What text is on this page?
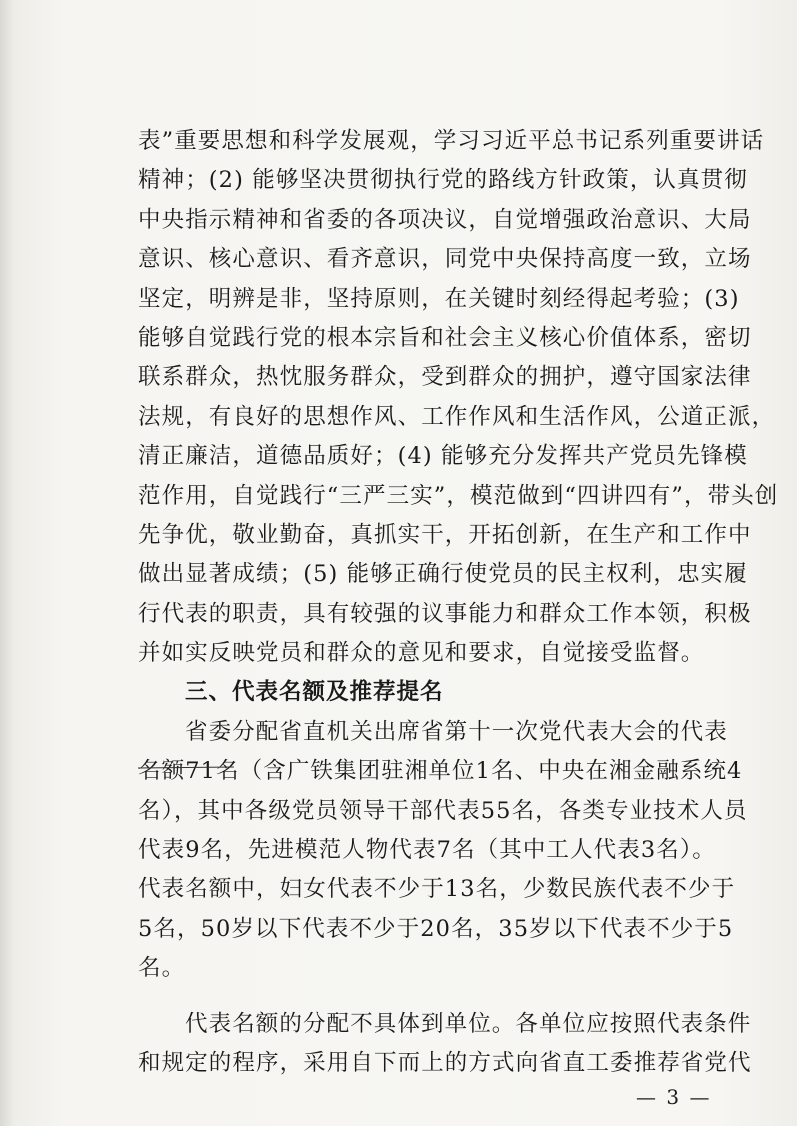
表”重要思想和科学发展观，学习习近平总书记系列重要讲话
精神；(2) 能够坚决贯彻执行党的路线方针政策，认真贯彻
中央指示精神和省委的各项决议，自觉增强政治意识、大局
意识、核心意识、看齐意识，同党中央保持高度一致，立场
坚定，明辨是非，坚持原则，在关键时刻经得起考验；(3)
能够自觉践行党的根本宗旨和社会主义核心价值体系，密切
联系群众，热忱服务群众，受到群众的拥护，遵守国家法律
法规，有良好的思想作风、工作作风和生活作风，公道正派，
清正廉洁，道德品质好；(4) 能够充分发挥共产党员先锋模
范作用，自觉践行“三严三实”，模范做到“四讲四有”，带头创
先争优，敬业勤奋，真抓实干，开拓创新，在生产和工作中
做出显著成绩；(5) 能够正确行使党员的民主权利，忠实履
行代表的职责，具有较强的议事能力和群众工作本领，积极
并如实反映党员和群众的意见和要求，自觉接受监督。
三、代表名额及推荐提名
省委分配省直机关出席省第十一次党代表大会的代表
名额71名（含广铁集团驻湘单位1名、中央在湘金融系统4
名），其中各级党员领导干部代表55名，各类专业技术人员
代表9名，先进模范人物代表7名（其中工人代表3名）。
代表名额中，妇女代表不少于13名，少数民族代表不少于
5名，50岁以下代表不少于20名，35岁以下代表不少于5
名。
代表名额的分配不具体到单位。各单位应按照代表条件
和规定的程序，采用自下而上的方式向省直工委推荐省党代
— 3 —
